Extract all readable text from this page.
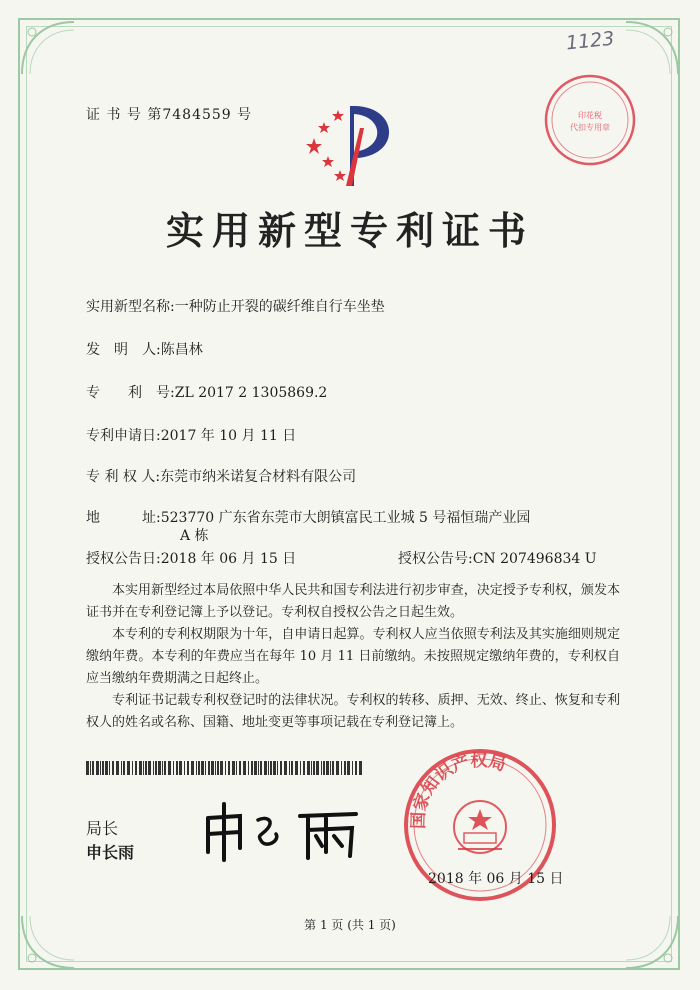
1123
证 书 号 第7484559 号	印花税
代扣专用章
实用新型专利证书
实用新型名称:一种防止开裂的碳纤维自行车坐垫
发　明　人:陈昌林
专　　利　号:ZL 2017 2 1305869.2
专利申请日:2017 年 10 月 11 日
专 利 权 人:东莞市纳米诺复合材料有限公司
地　　　址:523770 广东省东莞市大朗镇富民工业城 5 号福恒瑞产业园
A 栋
授权公告日:2018 年 06 月 15 日	授权公告号:CN 207496834 U

本实用新型经过本局依照中华人民共和国专利法进行初步审查，决定授予专利权，颁发本证书并在专利登记簿上予以登记。专利权自授权公告之日起生效。

本专利的专利权期限为十年，自申请日起算。专利权人应当依照专利法及其实施细则规定缴纳年费。本专利的年费应当在每年 10 月 11 日前缴纳。未按照规定缴纳年费的，专利权自应当缴纳年费期满之日起终止。

专利证书记载专利权登记时的法律状况。专利权的转移、质押、无效、终止、恢复和专利权人的姓名或名称、国籍、地址变更等事项记载在专利登记簿上。

局长
申长雨
国家知识产权局
2018 年 06 月 15 日
第 1 页 (共 1 页)
